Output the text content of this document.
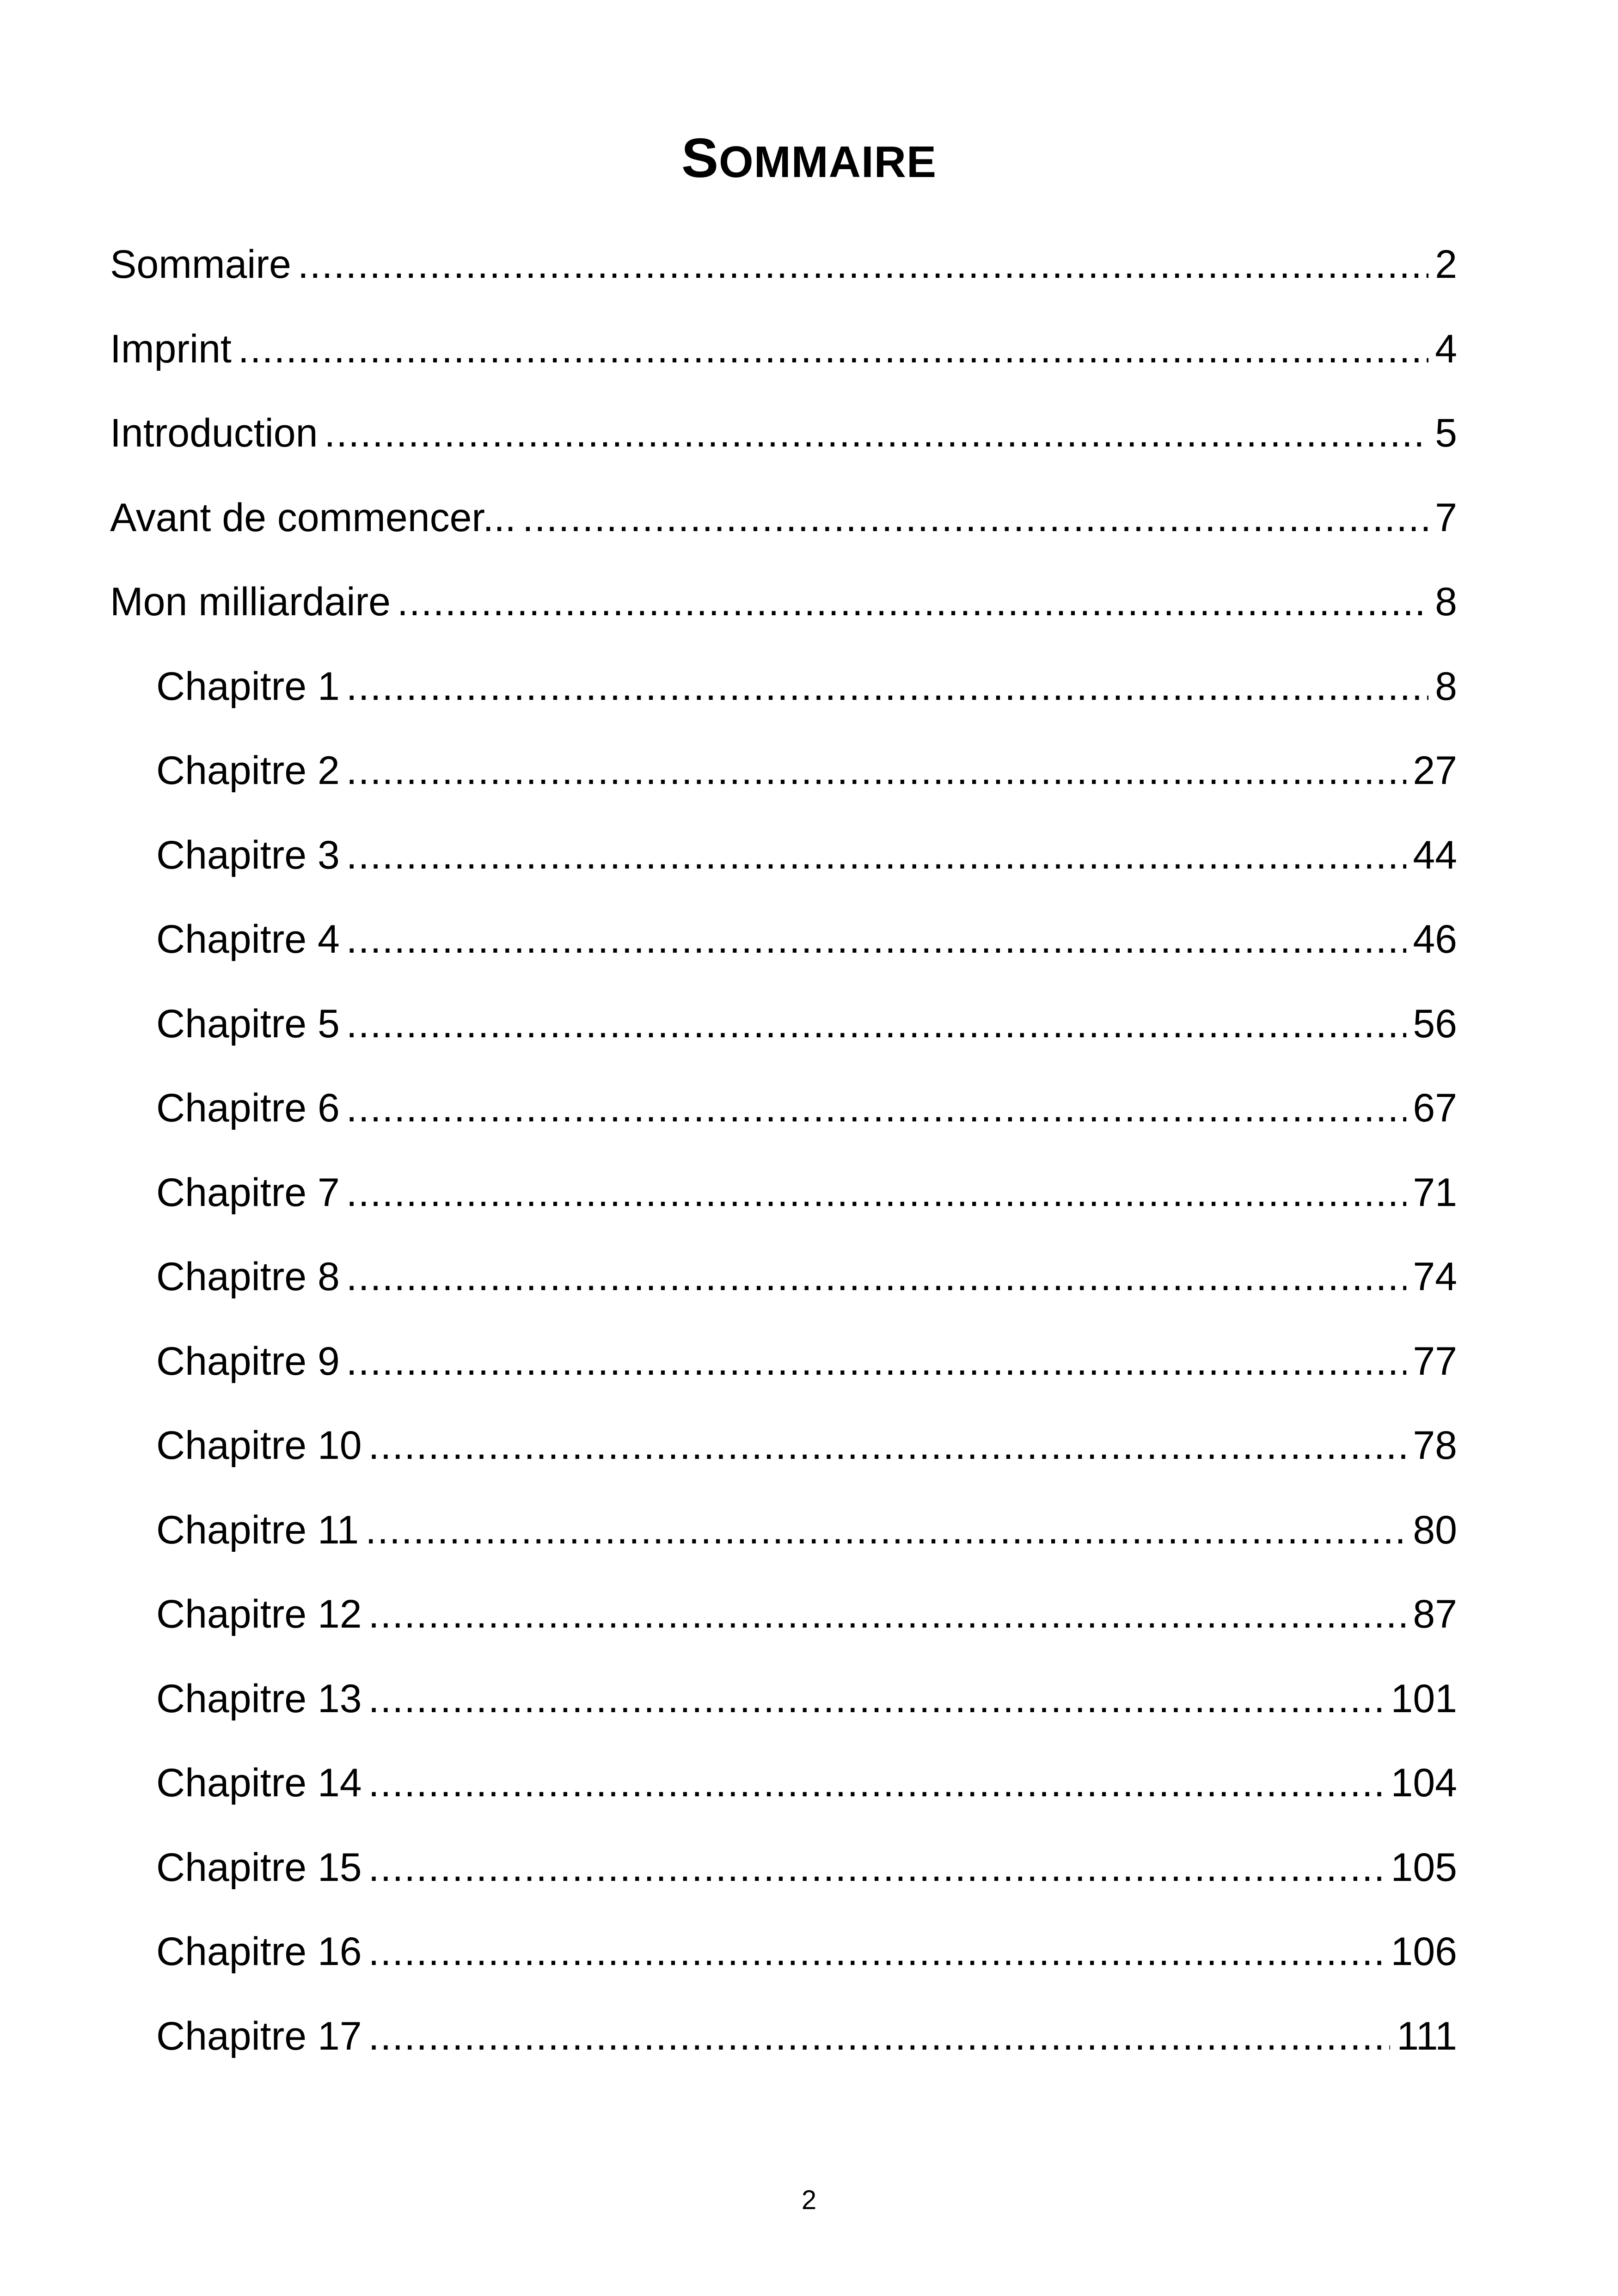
SOMMAIRE
Sommaire .....	2
Imprint .....	4
Introduction .....	5
Avant de commencer... .....	7
Mon milliardaire .....	8
Chapitre 1 .....	8
Chapitre 2 .....	27
Chapitre 3 .....	44
Chapitre 4 .....	46
Chapitre 5 .....	56
Chapitre 6 .....	67
Chapitre 7 .....	71
Chapitre 8 .....	74
Chapitre 9 .....	77
Chapitre 10 .....	78
Chapitre 11 .....	80
Chapitre 12 .....	87
Chapitre 13 .....	101
Chapitre 14 .....	104
Chapitre 15 .....	105
Chapitre 16 .....	106
Chapitre 17 .....	111
2
